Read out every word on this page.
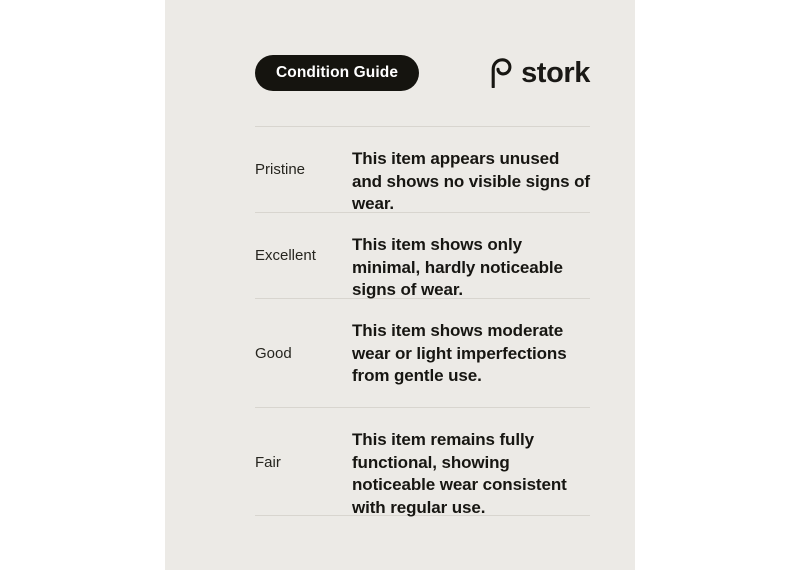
Condition Guide	stork
Pristine
This item appears unused and shows no visible signs of wear.
Excellent
This item shows only minimal, hardly noticeable signs of wear.
Good
This item shows moderate wear or light imperfections from gentle use.
Fair
This item remains fully functional, showing noticeable wear consistent with regular use.
